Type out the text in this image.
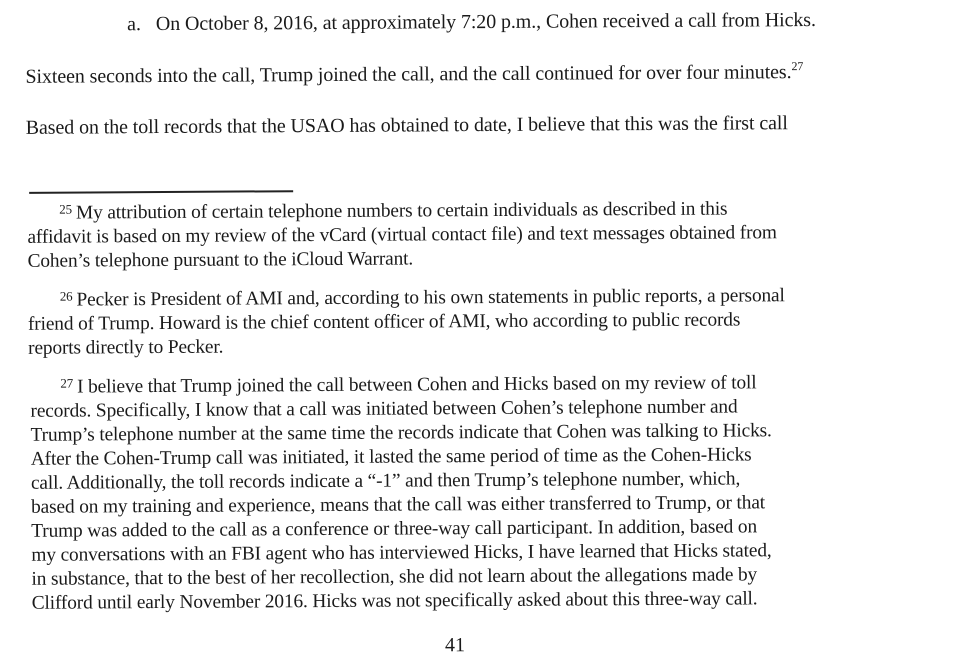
a. On October 8, 2016, at approximately 7:20 p.m., Cohen received a call from Hicks.
Sixteen seconds into the call, Trump joined the call, and the call continued for over four minutes.$^{27}$
Based on the toll records that the USAO has obtained to date, I believe that this was the first call
$^{25}$ My attribution of certain telephone numbers to certain individuals as described in this
affidavit is based on my review of the vCard (virtual contact file) and text messages obtained from
Cohen’s telephone pursuant to the iCloud Warrant.
$^{26}$ Pecker is President of AMI and, according to his own statements in public reports, a personal
friend of Trump. Howard is the chief content officer of AMI, who according to public records
reports directly to Pecker.
$^{27}$ I believe that Trump joined the call between Cohen and Hicks based on my review of toll
records. Specifically, I know that a call was initiated between Cohen’s telephone number and
Trump’s telephone number at the same time the records indicate that Cohen was talking to Hicks.
After the Cohen-Trump call was initiated, it lasted the same period of time as the Cohen-Hicks
call. Additionally, the toll records indicate a “-1” and then Trump’s telephone number, which,
based on my training and experience, means that the call was either transferred to Trump, or that
Trump was added to the call as a conference or three-way call participant. In addition, based on
my conversations with an FBI agent who has interviewed Hicks, I have learned that Hicks stated,
in substance, that to the best of her recollection, she did not learn about the allegations made by
Clifford until early November 2016. Hicks was not specifically asked about this three-way call.
41
